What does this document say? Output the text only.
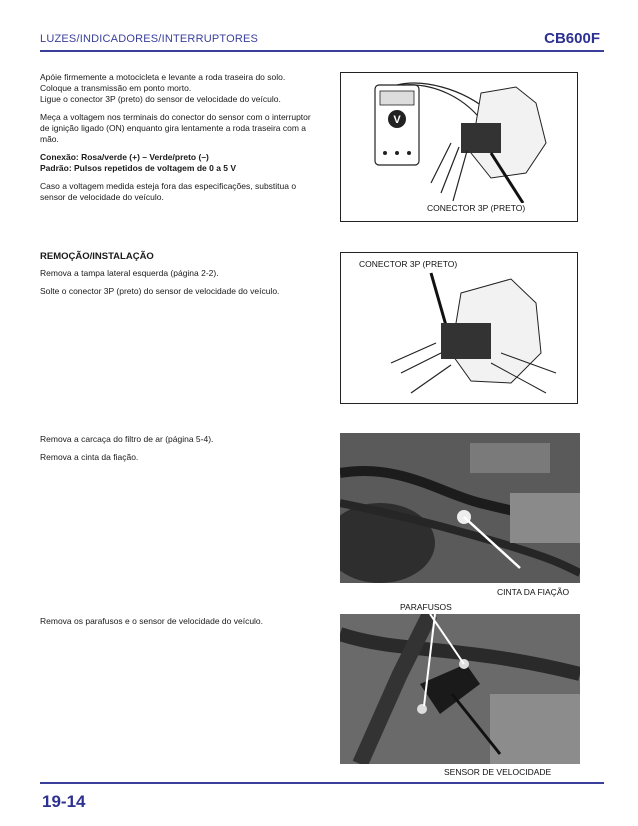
LUZES/INDICADORES/INTERRUPTORES	CB600F

Apóie firmemente a motocicleta e levante a roda traseira do solo.
Coloque a transmissão em ponto morto.
Ligue o conector 3P (preto) do sensor de velocidade do veículo.

Meça a voltagem nos terminais do conector do sensor com o interruptor de ignição ligado (ON) enquanto gira lentamente a roda traseira com a mão.

Conexão: Rosa/verde (+) – Verde/preto (–)
Padrão: Pulsos repetidos de voltagem de 0 a 5 V

Caso a voltagem medida esteja fora das especificações, substitua o sensor de velocidade do veículo.

V
CONECTOR 3P (PRETO)

REMOÇÃO/INSTALAÇÃO

Remova a tampa lateral esquerda (página 2-2).

Solte o conector 3P (preto) do sensor de velocidade do veículo.

CONECTOR 3P (PRETO)

Remova a carcaça do filtro de ar (página 5-4).

Remova a cinta da fiação.

CINTA DA FIAÇÃO
PARAFUSOS

Remova os parafusos e o sensor de velocidade do veículo.

SENSOR DE VELOCIDADE
19-14
